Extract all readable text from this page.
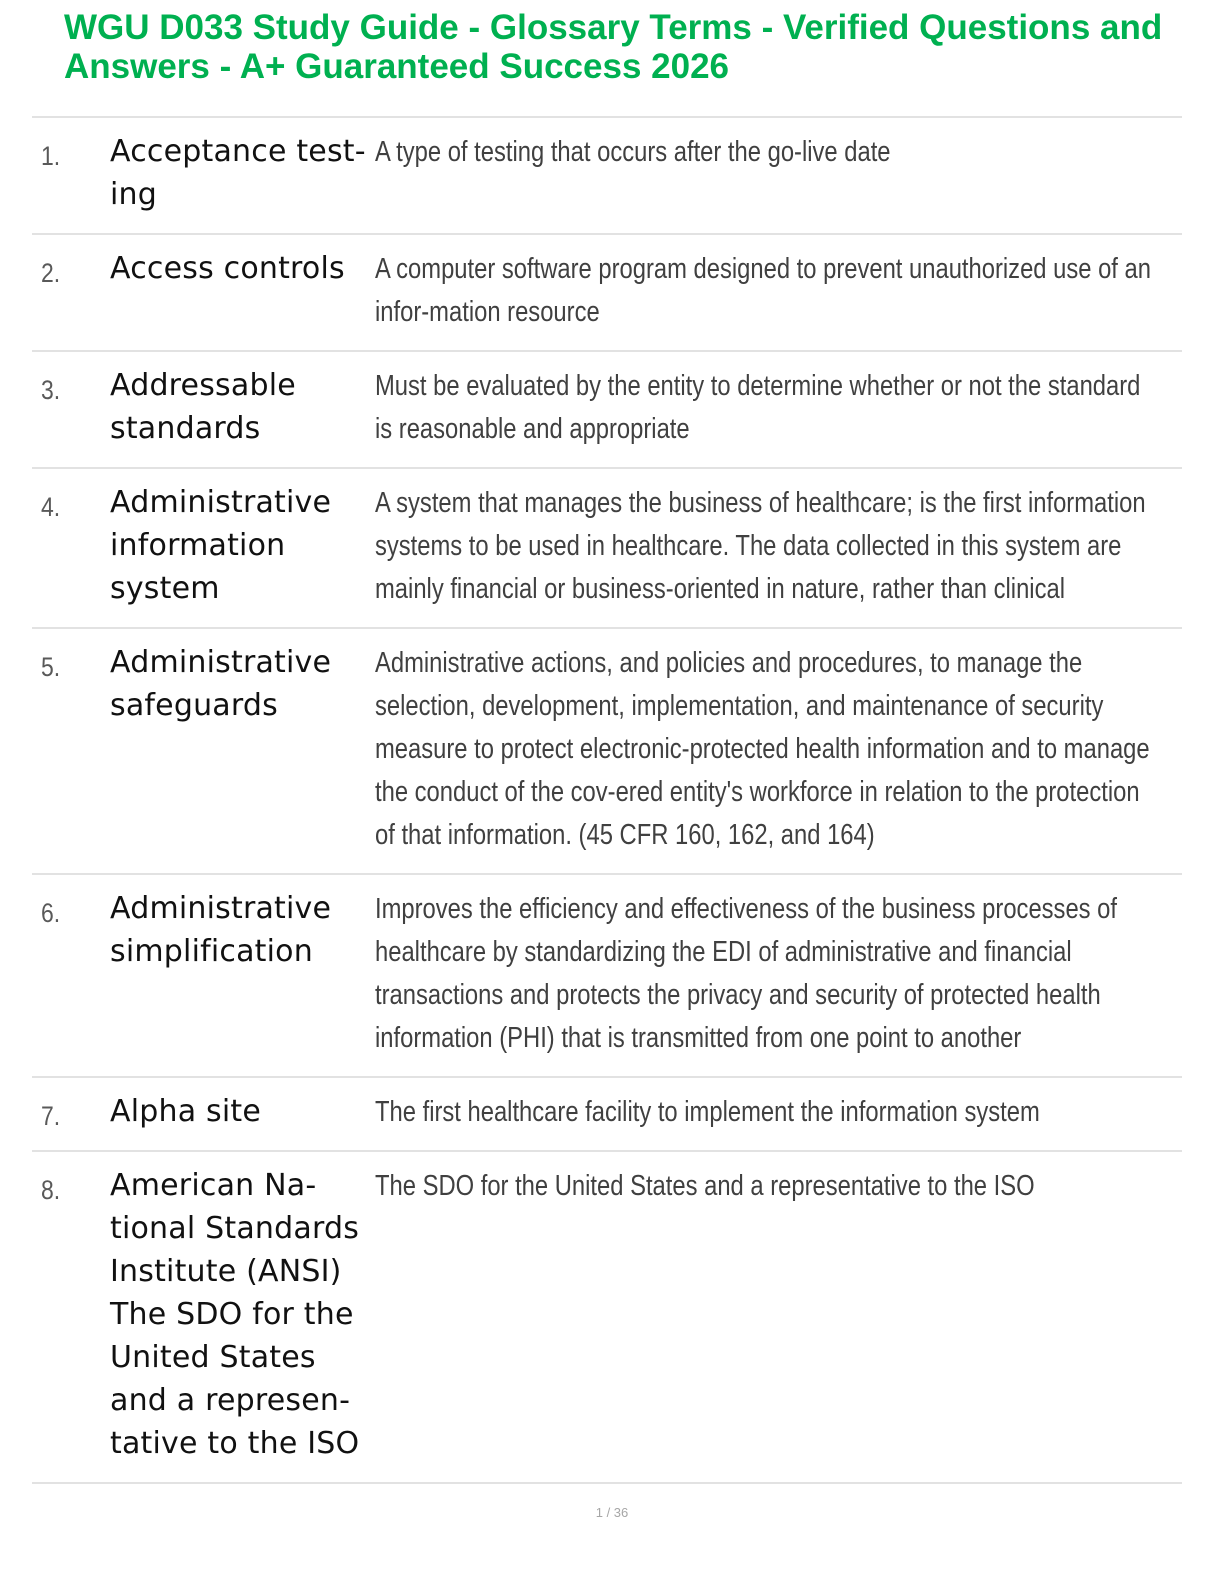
WGU D033 Study Guide - Glossary Terms - Verified Questions and Answers - A+ Guaranteed Success 2026
1. Acceptance test-ing
A type of testing that occurs after the go-live date
2. Access controls	A computer software program designed to prevent unauthorized use of an infor-mation resource
3. Addressable standards
Must be evaluated by the entity to determine whether or not the standard is reasonable and appropriate
4. Administrative information system
A system that manages the business of healthcare; is the first information systems to be used in healthcare. The data collected in this system are mainly financial or business-oriented in nature, rather than clinical
5. Administrative safeguards
Administrative actions, and policies and procedures, to manage the selection, development, implementation, and maintenance of security measure to protect electronic-protected health information and to manage the conduct of the cov-ered entity's workforce in relation to the protection of that information. (45 CFR 160, 162, and 164)
6. Administrative simplification
Improves the efficiency and effectiveness of the business processes of healthcare by standardizing the EDI of administrative and financial transactions and protects the privacy and security of protected health information (PHI) that is transmitted from one point to another
7. Alpha site	The first healthcare facility to implement the information system
8. American Na-tional Standards Institute (ANSI) The SDO for the United States and a represen-tative to the ISO
The SDO for the United States and a representative to the ISO
1 / 36
